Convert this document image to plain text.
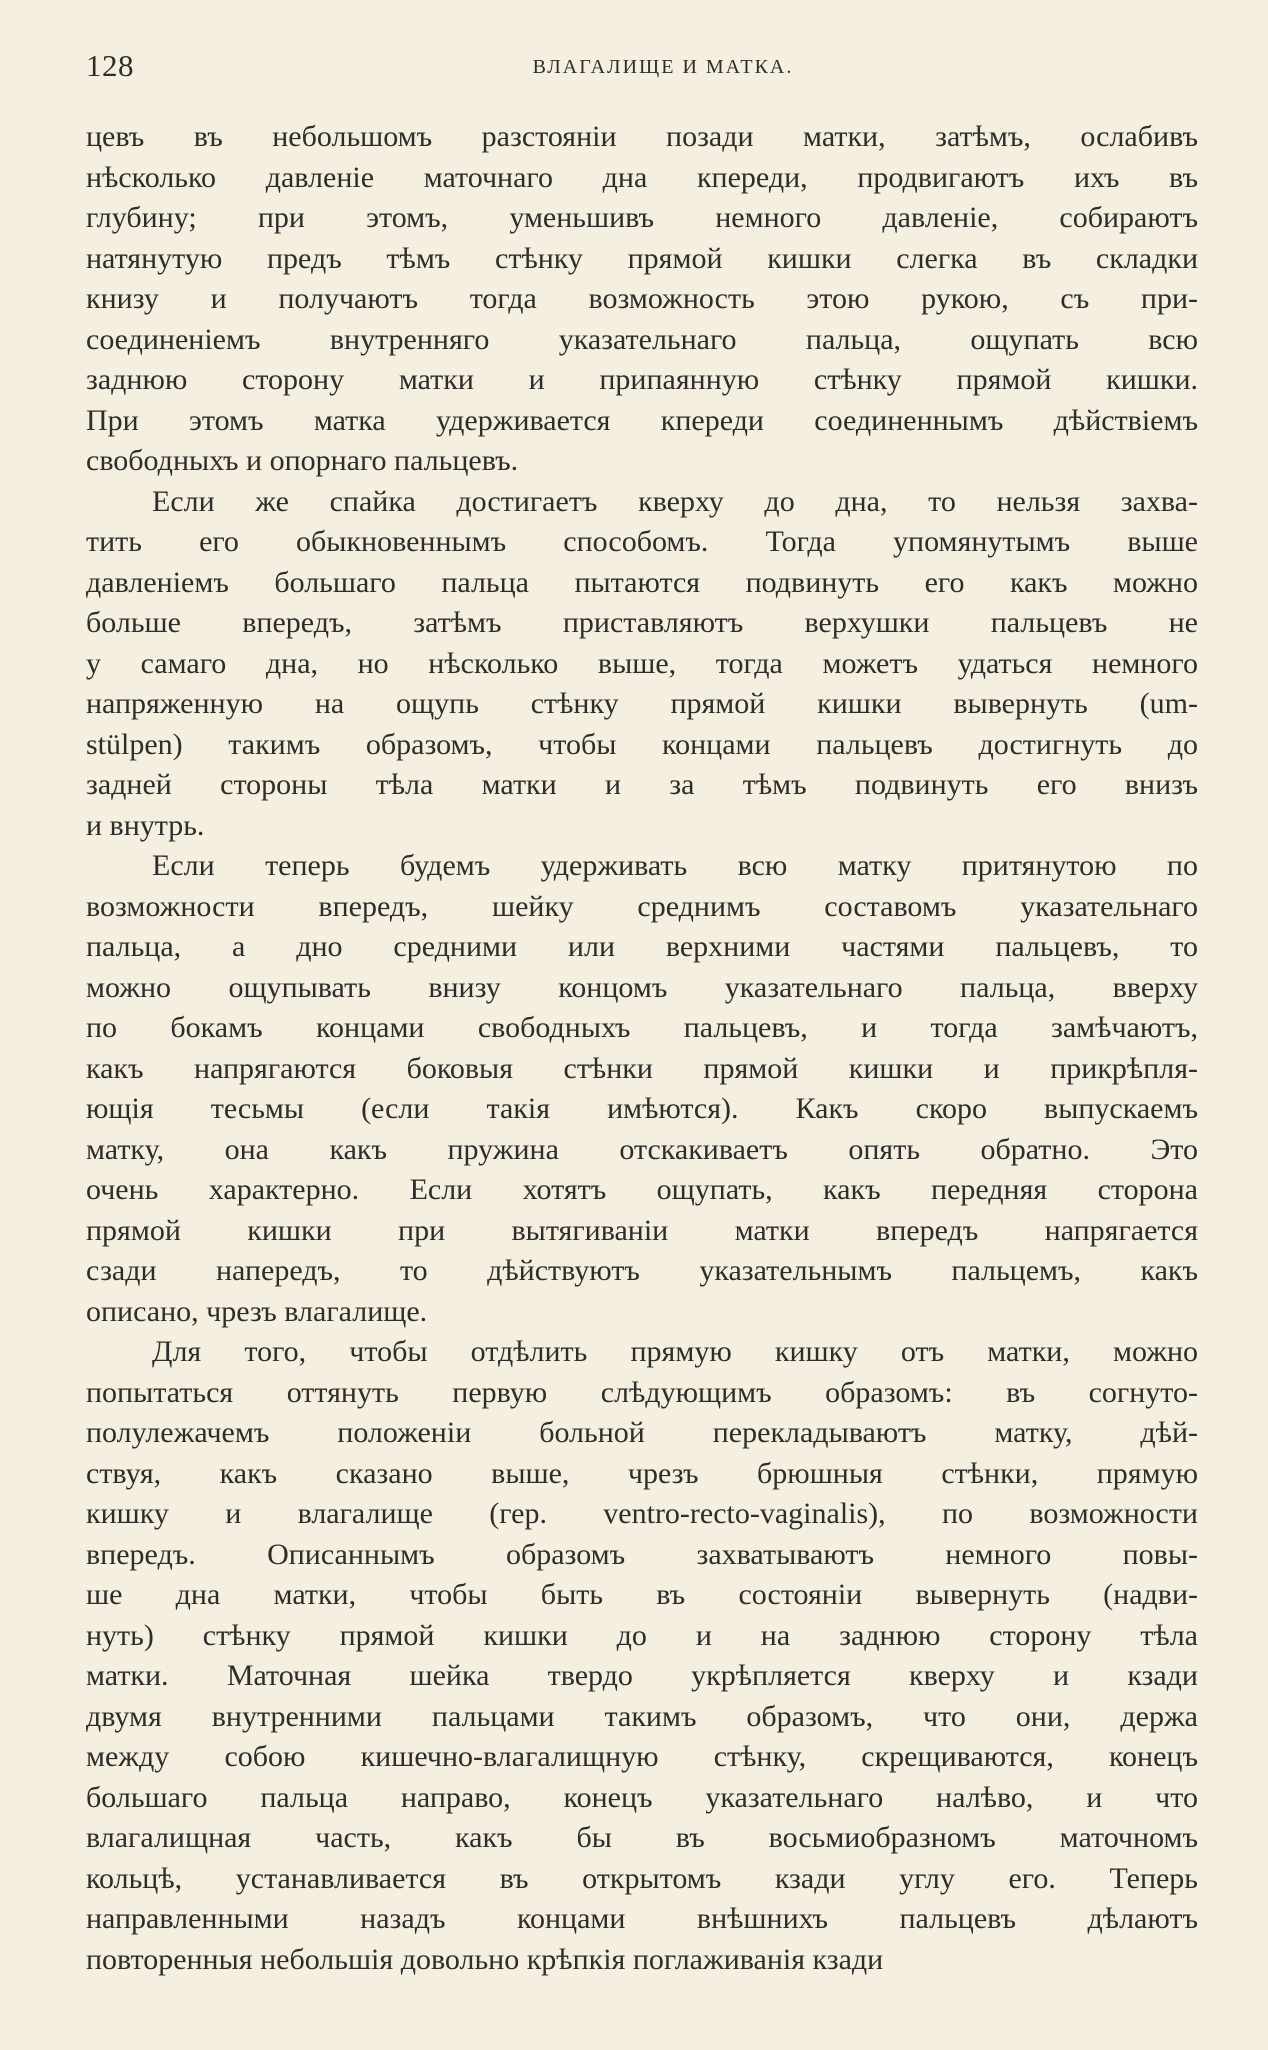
128	ВЛАГАЛИЩЕ И МАТКА.
цевъ въ небольшомъ разстояніи позади матки, затѣмъ, ослабивъ
нѣсколько давленіе маточнаго дна кпереди, продвигаютъ ихъ въ
глубину; при этомъ, уменьшивъ немного давленіе, собираютъ
натянутую предъ тѣмъ стѣнку прямой кишки слегка въ складки
книзу и получаютъ тогда возможность этою рукою, съ при-
соединеніемъ внутренняго указательнаго пальца, ощупать всю
заднюю сторону матки и припаянную стѣнку прямой кишки.
При этомъ матка удерживается кпереди соединеннымъ дѣйствіемъ
свободныхъ и опорнаго пальцевъ.
Если же спайка достигаетъ кверху до дна, то нельзя захва-
тить его обыкновеннымъ способомъ. Тогда упомянутымъ выше
давленіемъ большаго пальца пытаются подвинуть его какъ можно
больше впередъ, затѣмъ приставляютъ верхушки пальцевъ не
у самаго дна, но нѣсколько выше, тогда можетъ удаться немного
напряженную на ощупь стѣнку прямой кишки вывернуть (um-
stülpen) такимъ образомъ, чтобы концами пальцевъ достигнуть до
задней стороны тѣла матки и за тѣмъ подвинуть его внизъ
и внутрь.
Если теперь будемъ удерживать всю матку притянутою по
возможности впередъ, шейку среднимъ составомъ указательнаго
пальца, а дно средними или верхними частями пальцевъ, то
можно ощупывать внизу концомъ указательнаго пальца, вверху
по бокамъ концами свободныхъ пальцевъ, и тогда замѣчаютъ,
какъ напрягаются боковыя стѣнки прямой кишки и прикрѣпля-
ющія тесьмы (если такія имѣются). Какъ скоро выпускаемъ
матку, она какъ пружина отскакиваетъ опять обратно. Это
очень характерно. Если хотятъ ощупать, какъ передняя сторона
прямой кишки при вытягиваніи матки впередъ напрягается
сзади напередъ, то дѣйствуютъ указательнымъ пальцемъ, какъ
описано, чрезъ влагалище.
Для того, чтобы отдѣлить прямую кишку отъ матки, можно
попытаться оттянуть первую слѣдующимъ образомъ: въ согнуто-
полулежачемъ положеніи больной перекладываютъ матку, дѣй-
ствуя, какъ сказано выше, чрезъ брюшныя стѣнки, прямую
кишку и влагалище (гер. ventro-recto-vaginalis), по возможности
впередъ. Описаннымъ образомъ захватываютъ немного повы-
ше дна матки, чтобы быть въ состояніи вывернуть (надви-
нуть) стѣнку прямой кишки до и на заднюю сторону тѣла
матки. Маточная шейка твердо укрѣпляется кверху и кзади
двумя внутренними пальцами такимъ образомъ, что они, держа
между собою кишечно-влагалищную стѣнку, скрещиваются, конецъ
большаго пальца направо, конецъ указательнаго налѣво, и что
влагалищная часть, какъ бы въ восьмиобразномъ маточномъ
кольцѣ, устанавливается въ открытомъ кзади углу его. Теперь
направленными назадъ концами внѣшнихъ пальцевъ дѣлаютъ
повторенныя небольшія довольно крѣпкія поглаживанія кзади
